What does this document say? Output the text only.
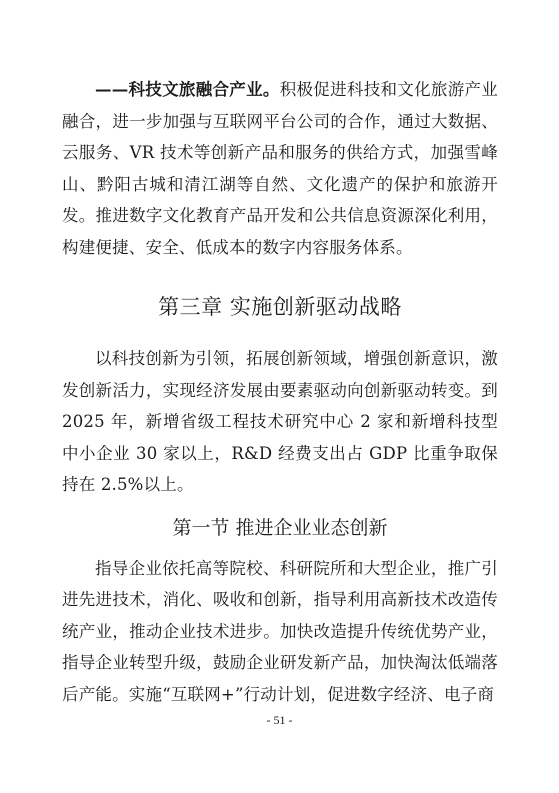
——科技文旅融合产业。积极促进科技和文化旅游产业融合，进一步加强与互联网平台公司的合作，通过大数据、云服务、VR 技术等创新产品和服务的供给方式，加强雪峰山、黔阳古城和清江湖等自然、文化遗产的保护和旅游开发。推进数字文化教育产品开发和公共信息资源深化利用，构建便捷、安全、低成本的数字内容服务体系。

第三章 实施创新驱动战略

以科技创新为引领，拓展创新领域，增强创新意识，激发创新活力，实现经济发展由要素驱动向创新驱动转变。到 2025 年，新增省级工程技术研究中心 2 家和新增科技型中小企业 30 家以上，R&D 经费支出占 GDP 比重争取保持在 2.5%以上。

第一节 推进企业业态创新

指导企业依托高等院校、科研院所和大型企业，推广引进先进技术，消化、吸收和创新，指导利用高新技术改造传统产业，推动企业技术进步。加快改造提升传统优势产业，指导企业转型升级，鼓励企业研发新产品，加快淘汰低端落后产能。实施“互联网+”行动计划，促进数字经济、电子商

- 51 -
